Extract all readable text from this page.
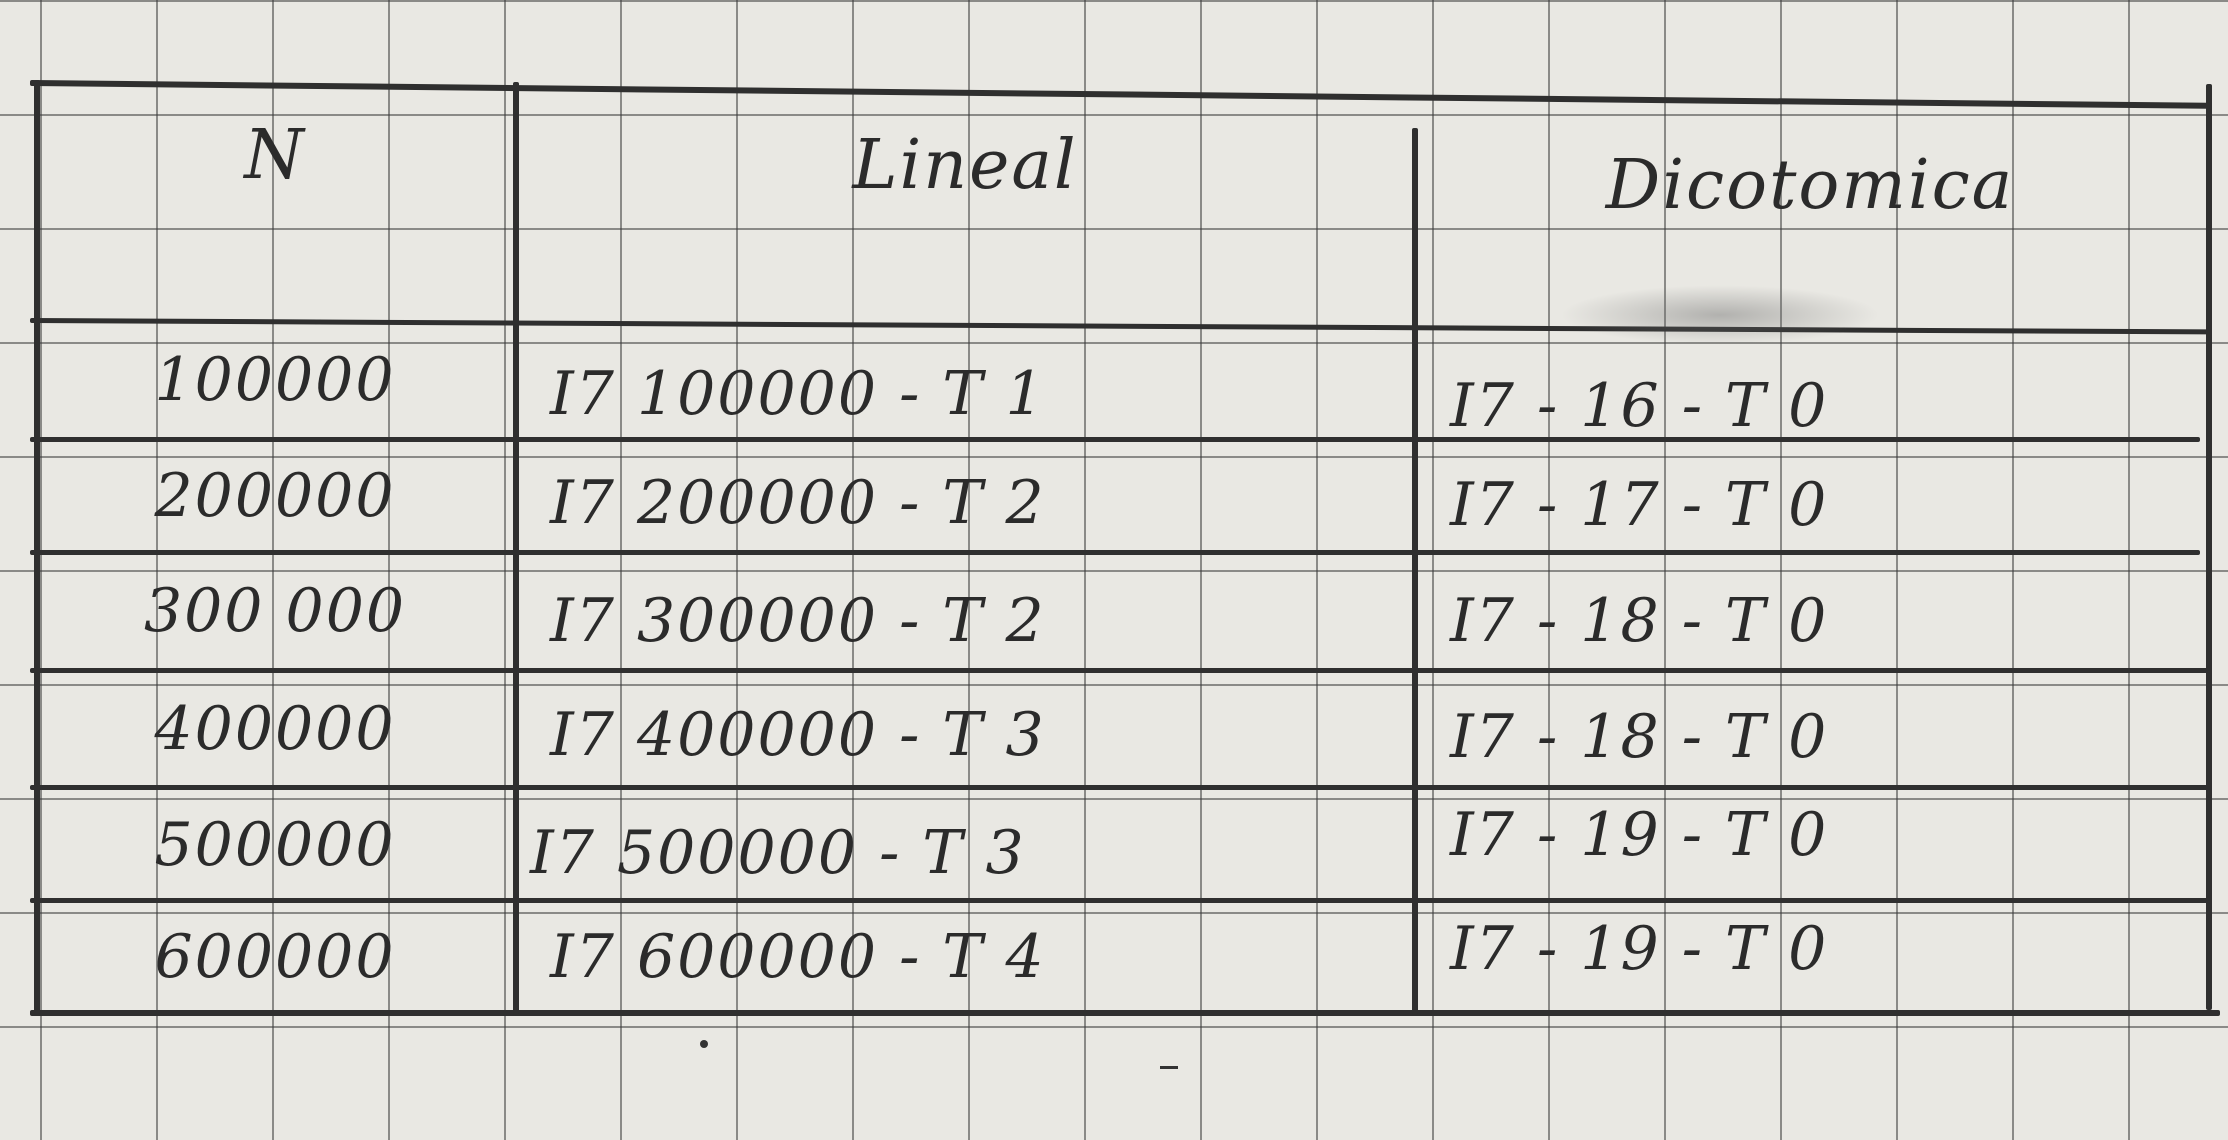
N	Lineal	Dicotomica
100000	I7 100000 - T 1	I7 - 16 - T 0
200000	I7 200000 - T 2	I7 - 17 - T 0
300 000	I7 300000 - T 2	I7 - 18 - T 0
400000	I7 400000 - T 3	I7 - 18 - T 0
500000	I7 500000 - T 3	I7 - 19 - T 0
600000	I7 600000 - T 4	I7 - 19 - T 0
